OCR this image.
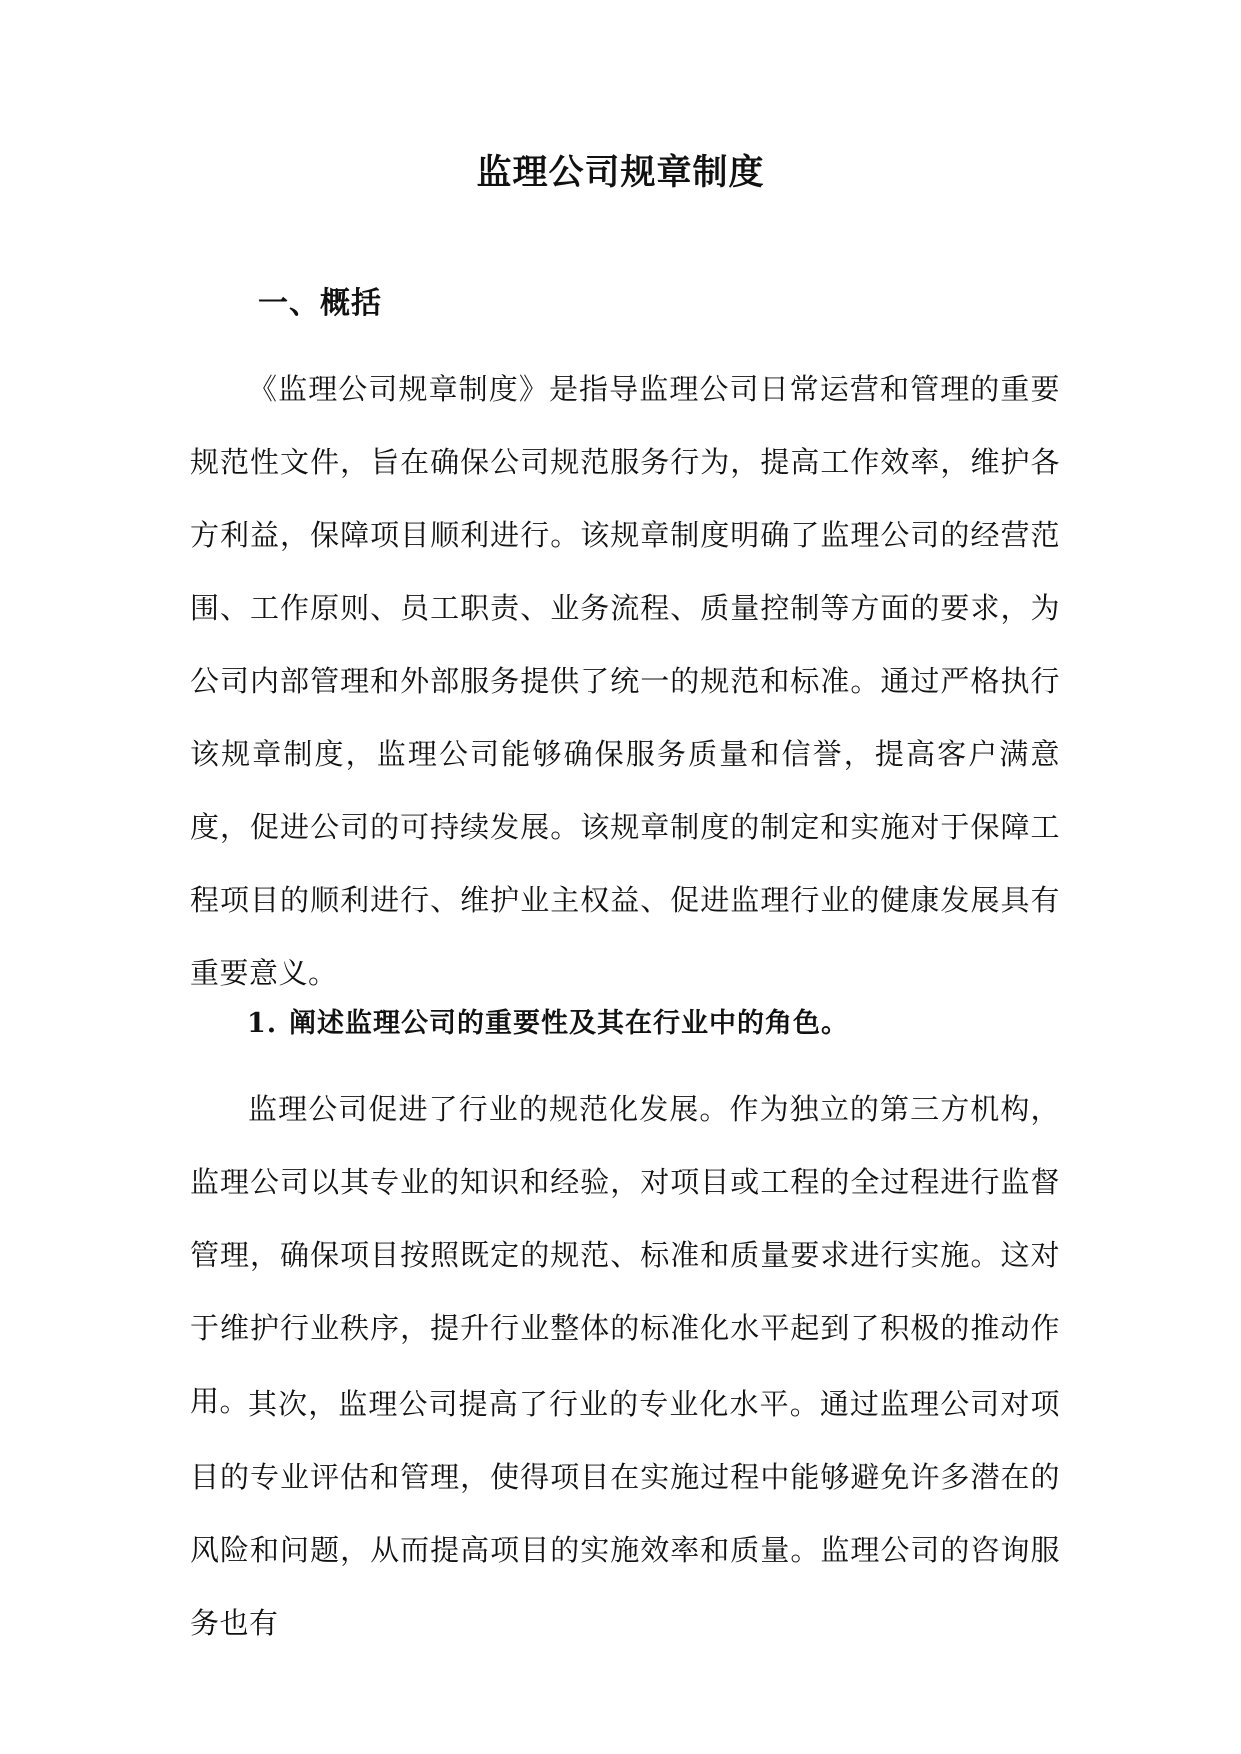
监理公司规章制度
一、概括

《监理公司规章制度》是指导监理公司日常运营和管理的重要规范性文件，旨在确保公司规范服务行为，提高工作效率，维护各方利益，保障项目顺利进行。该规章制度明确了监理公司的经营范围、工作原则、员工职责、业务流程、质量控制等方面的要求，为公司内部管理和外部服务提供了统一的规范和标准。通过严格执行该规章制度，监理公司能够确保服务质量和信誉，提高客户满意度，促进公司的可持续发展。该规章制度的制定和实施对于保障工程项目的顺利进行、维护业主权益、促进监理行业的健康发展具有重要意义。

1. 阐述监理公司的重要性及其在行业中的角色。

监理公司促进了行业的规范化发展。作为独立的第三方机构，监理公司以其专业的知识和经验，对项目或工程的全过程进行监督管理，确保项目按照既定的规范、标准和质量要求进行实施。这对于维护行业秩序，提升行业整体的标准化水平起到了积极的推动作用。

其次，监理公司提高了行业的专业化水平。通过监理公司对项目的专业评估和管理，使得项目在实施过程中能够避免许多潜在的风险和问题，从而提高项目的实施效率和质量。监理公司的咨询服务也有
